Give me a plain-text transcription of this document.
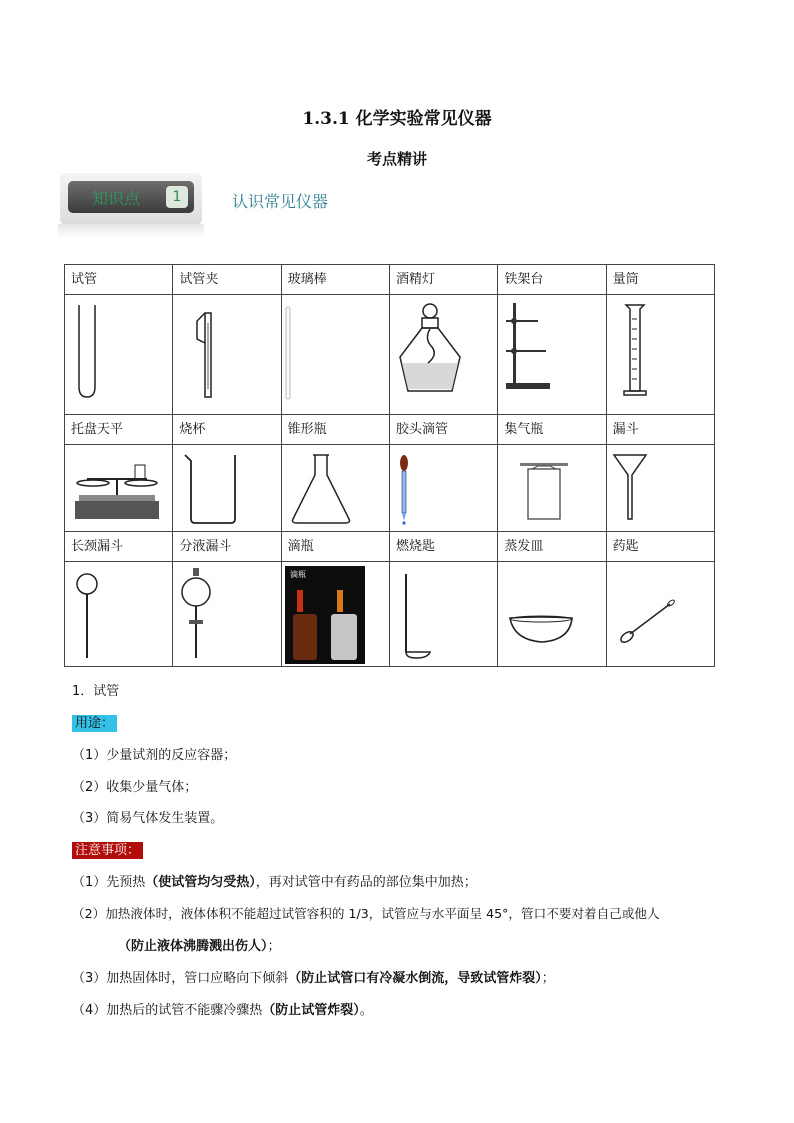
1.3.1 化学实验常见仪器
考点精讲
知识点	1	认识常见仪器
试管	试管夹	玻璃棒	酒精灯	铁架台	量筒

托盘天平	烧杯	锥形瓶	胶头滴管	集气瓶	漏斗

长颈漏斗	分液漏斗	滴瓶	燃烧匙	蒸发皿	药匙

滴瓶

1．试管
用途：
（1）少量试剂的反应容器；
（2）收集少量气体；
（3）简易气体发生装置。
注意事项：
（1）先预热（使试管均匀受热），再对试管中有药品的部位集中加热；
（2）加热液体时，液体体积不能超过试管容积的 1/3，试管应与水平面呈 45°，管口不要对着自己或他人
（防止液体沸腾溅出伤人）；
（3）加热固体时，管口应略向下倾斜（防止试管口有冷凝水倒流，导致试管炸裂）；
（4）加热后的试管不能骤冷骤热（防止试管炸裂）。
